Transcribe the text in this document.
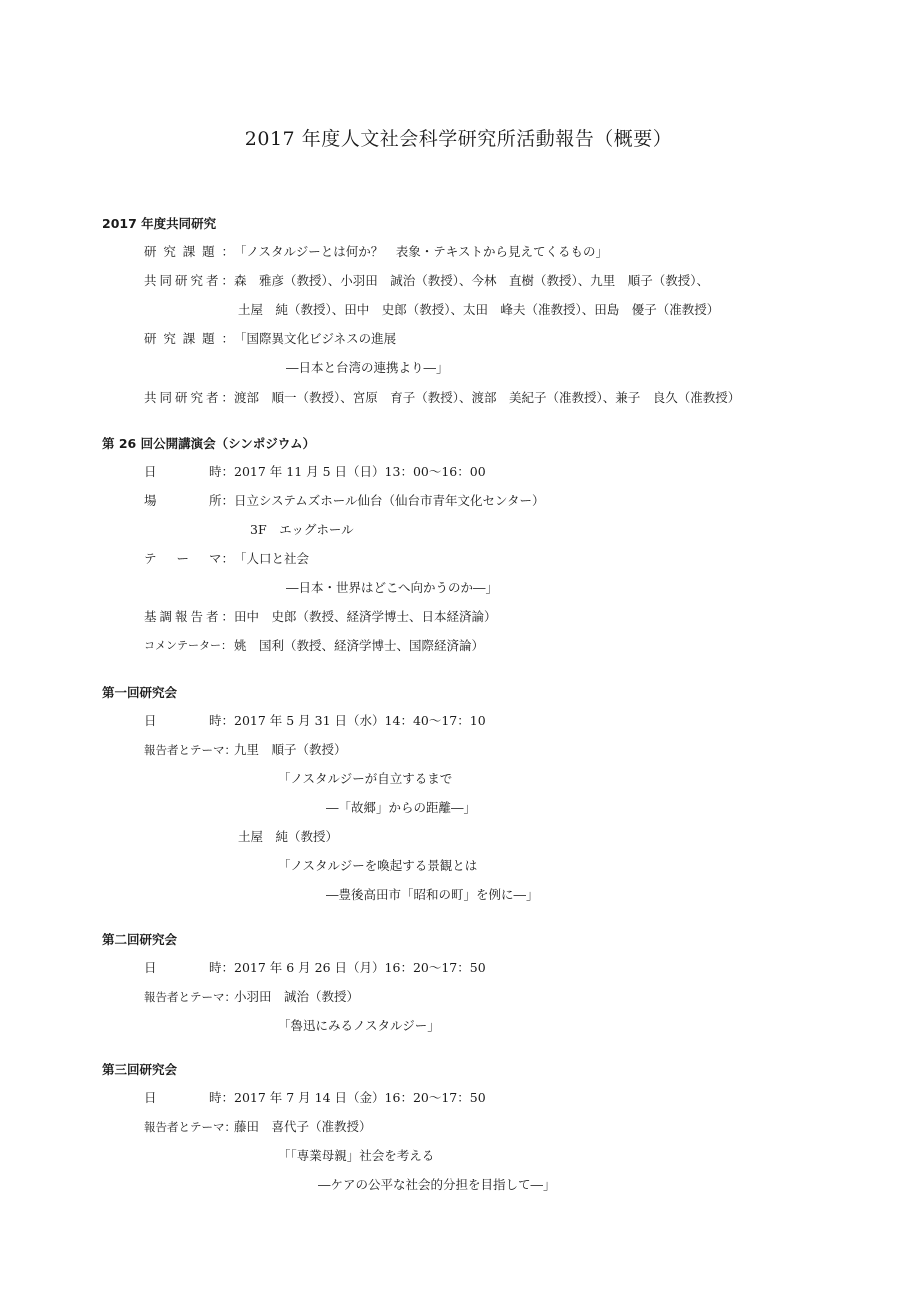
2017 年度人文社会科学研究所活動報告（概要）
2017 年度共同研究
研 究 課 題 ： 「ノスタルジーとは何か？　表象・テキストから見えてくるもの」
共 同 研 究 者 ： 森　雅彦（教授）、小羽田　誠治（教授）、今林　直樹（教授）、九里　順子（教授）、
土屋　純（教授）、田中　史郎（教授）、太田　峰夫（准教授）、田島　優子（准教授）
研 究 課 題 ： 「国際異文化ビジネスの進展
―日本と台湾の連携より―」
共 同 研 究 者 ： 渡部　順一（教授）、宮原　育子（教授）、渡部　美紀子（准教授）、兼子　良久（准教授）
第 26 回公開講演会（シンポジウム）
日	時： 2017 年 11 月 5 日（日）13：00～16：00
場	所： 日立システムズホール仙台（仙台市青年文化センター）
3F　エッグホール
テ ー マ： 「人口と社会
―日本・世界はどこへ向かうのか―」
基 調 報 告 者 ： 田中　史郎（教授、経済学博士、日本経済論）
コメンテーター： 姚　国利（教授、経済学博士、国際経済論）
第一回研究会
日	時： 2017 年 5 月 31 日（水）14：40～17：10
報告者とテーマ：
九里　順子（教授）
「ノスタルジーが自立するまで
―「故郷」からの距離―」
土屋　純（教授）
「ノスタルジーを喚起する景観とは
―豊後高田市「昭和の町」を例に―」
第二回研究会
日	時： 2017 年 6 月 26 日（月）16：20～17：50
報告者とテーマ：
小羽田　誠治（教授）
「魯迅にみるノスタルジー」
第三回研究会
日	時： 2017 年 7 月 14 日（金）16：20～17：50
報告者とテーマ：
藤田　喜代子（准教授）
「「専業母親」社会を考える
―ケアの公平な社会的分担を目指して―」
